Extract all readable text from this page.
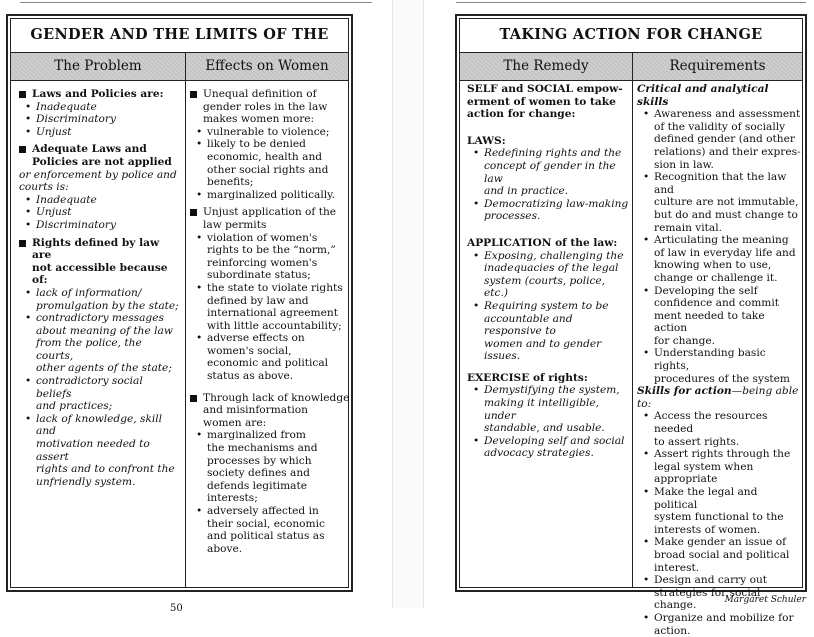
GENDER AND THE LIMITS OF THE
The Problem	Effects on Women
Laws and Policies are:
• Inadequate
• Discriminatory
• Unjust
Adequate Laws and
Policies are not applied
or enforcement by police and
courts is:
• Inadequate
• Unjust
• Discriminatory
Rights defined by law are
not accessible because of:
• lack of information/
promulgation by the state;
• contradictory messages
about meaning of the law
from the police, the courts,
other agents of the state;
• contradictory social beliefs
and practices;
• lack of knowledge, skill and
motivation needed to assert
rights and to confront the
unfriendly system.
Unequal definition of
gender roles in the law
makes women more:
• vulnerable to violence;
• likely to be denied
economic, health and
other social rights and
benefits;
• marginalized politically.
Unjust application of the
law permits
• violation of women's
rights to be the “norm,”
reinforcing women's
subordinate status;
• the state to violate rights
defined by law and
international agreement
with little accountability;
• adverse effects on
women's social,
economic and political
status as above.
Through lack of knowledge
and misinformation
women are:
• marginalized from
the mechanisms and
processes by which
society defines and
defends legitimate
interests;
• adversely affected in
their social, economic
and political status as
above.
50
TAKING ACTION FOR CHANGE
The Remedy	Requirements
SELF and SOCIAL empow-
erment of women to take
action for change:
LAWS:
• Redefining rights and the
concept of gender in the law
and in practice.
• Democratizing law-making
processes.
APPLICATION of the law:
• Exposing, challenging the
inadequacies of the legal
system (courts, police, etc.)
• Requiring system to be
accountable and responsive to
women and to gender issues.
EXERCISE of rights:
• Demystifying the system,
making it intelligible, under
standable, and usable.
• Developing self and social
advocacy strategies.
Critical and analytical skills
• Awareness and assessment
of the validity of socially
defined gender (and other
relations) and their expres-
sion in law.
• Recognition that the law and
culture are not immutable,
but do and must change to
remain vital.
• Articulating the meaning
of law in everyday life and
knowing when to use,
change or challenge it.
• Developing the self
confidence and commit
ment needed to take action
for change.
• Understanding basic rights,
procedures of the system
Skills for action—being able to:
• Access the resources needed
to assert rights.
• Assert rights through the
legal system when
appropriate
• Make the legal and political
system functional to the
interests of women.
• Make gender an issue of
broad social and political
interest.
• Design and carry out
strategies for social change.
• Organize and mobilize for
action.
Margaret Schuler
